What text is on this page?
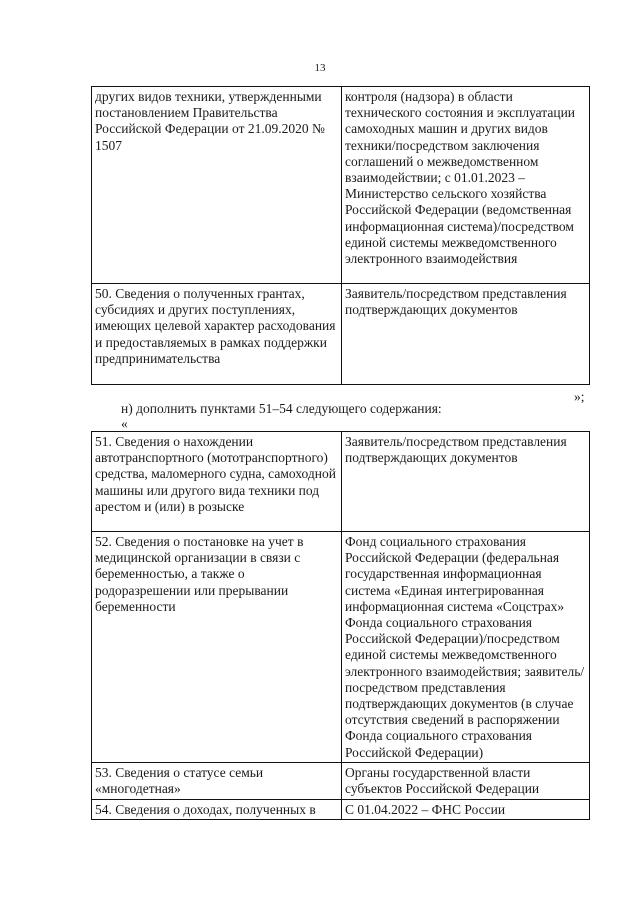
13
других видов техники, утвержденными постановлением Правительства Российской Федерации от 21.09.2020 № 1507	контроля (надзора) в области технического состояния и эксплуатации самоходных машин и других видов техники/посредством заключения соглашений о межведомственном взаимодействии; с 01.01.2023 – Министерство сельского хозяйства Российской Федерации (ведомственная информационная система)/посредством единой системы межведомственного электронного взаимодействия
50. Сведения о полученных грантах, субсидиях и других поступлениях, имеющих целевой характер расходования и предоставляемых в рамках поддержки предпринимательства	Заявитель/посредством представления подтверждающих документов
»;
н) дополнить пунктами 51–54 следующего содержания:
«
51. Сведения о нахождении автотранспортного (мототранспортного) средства, маломерного судна, самоходной машины или другого вида техники под арестом и (или) в розыске	Заявитель/посредством представления подтверждающих документов
52. Сведения о постановке на учет в медицинской организации в связи с беременностью, а также о родоразрешении или прерывании беременности	Фонд социального страхования Российской Федерации (федеральная государственная информационная система «Единая интегрированная информационная система «Соцстрах» Фонда социального страхования Российской Федерации)/посредством единой системы межведомственного электронного взаимодействия; заявитель/посредством представления подтверждающих документов (в случае отсутствия сведений в распоряжении Фонда социального страхования Российской Федерации)
53. Сведения о статусе семьи «многодетная»	Органы государственной власти субъектов Российской Федерации
54. Сведения о доходах, полученных в	С 01.04.2022 – ФНС России
